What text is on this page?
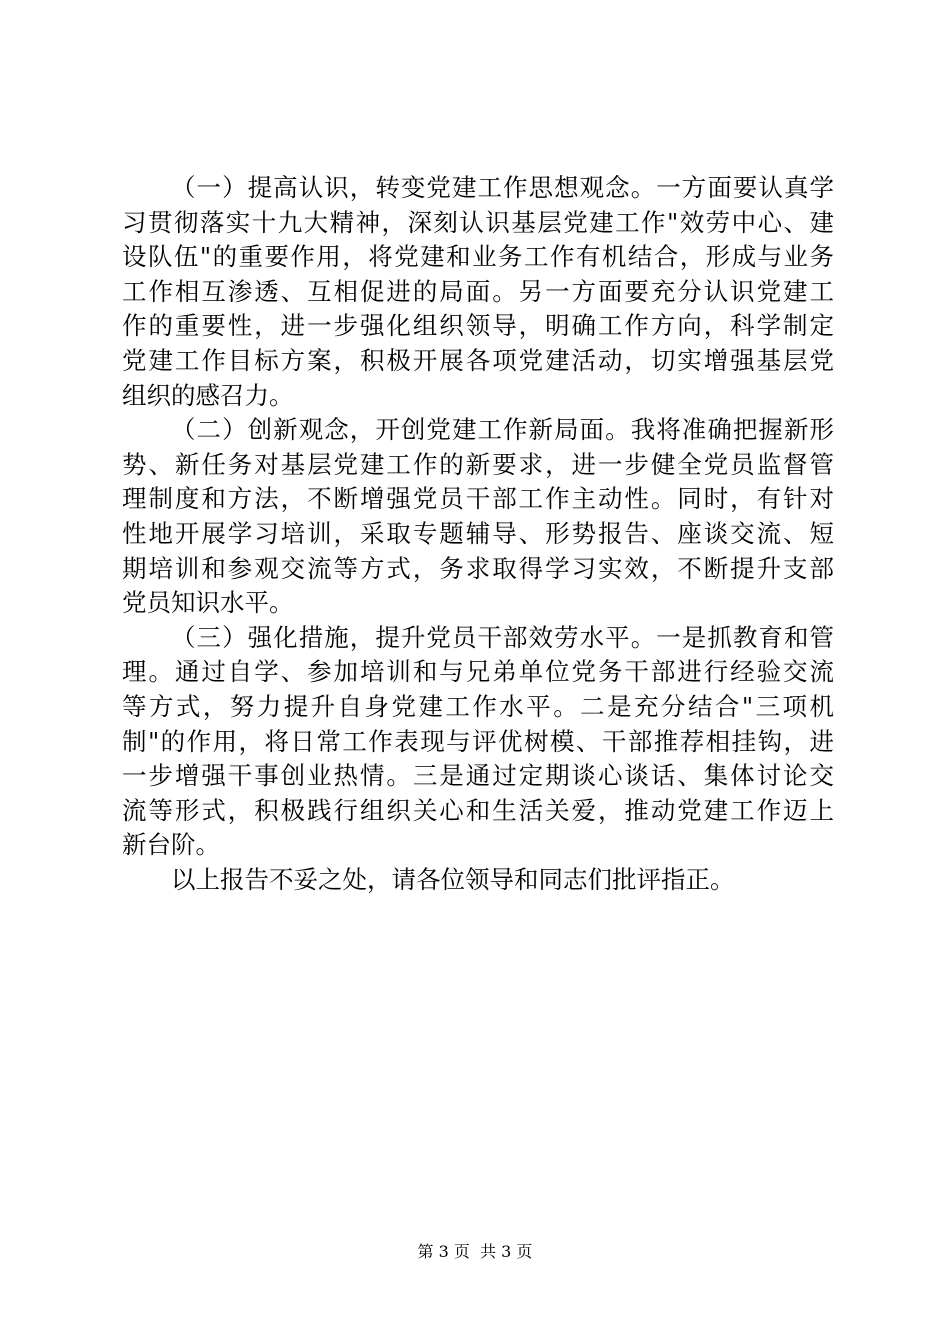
（一）提高认识，转变党建工作思想观念。一方面要认真学
习贯彻落实十九大精神，深刻认识基层党建工作"效劳中心、建
设队伍"的重要作用，将党建和业务工作有机结合，形成与业务
工作相互渗透、互相促进的局面。另一方面要充分认识党建工
作的重要性，进一步强化组织领导，明确工作方向，科学制定
党建工作目标方案，积极开展各项党建活动，切实增强基层党
组织的感召力。
（二）创新观念，开创党建工作新局面。我将准确把握新形
势、新任务对基层党建工作的新要求，进一步健全党员监督管
理制度和方法，不断增强党员干部工作主动性。同时，有针对
性地开展学习培训，采取专题辅导、形势报告、座谈交流、短
期培训和参观交流等方式，务求取得学习实效，不断提升支部
党员知识水平。
（三）强化措施，提升党员干部效劳水平。一是抓教育和管
理。通过自学、参加培训和与兄弟单位党务干部进行经验交流
等方式，努力提升自身党建工作水平。二是充分结合"三项机
制"的作用，将日常工作表现与评优树模、干部推荐相挂钩，进
一步增强干事创业热情。三是通过定期谈心谈话、集体讨论交
流等形式，积极践行组织关心和生活关爱，推动党建工作迈上
新台阶。
以上报告不妥之处，请各位领导和同志们批评指正。
第 3 页  共 3 页
